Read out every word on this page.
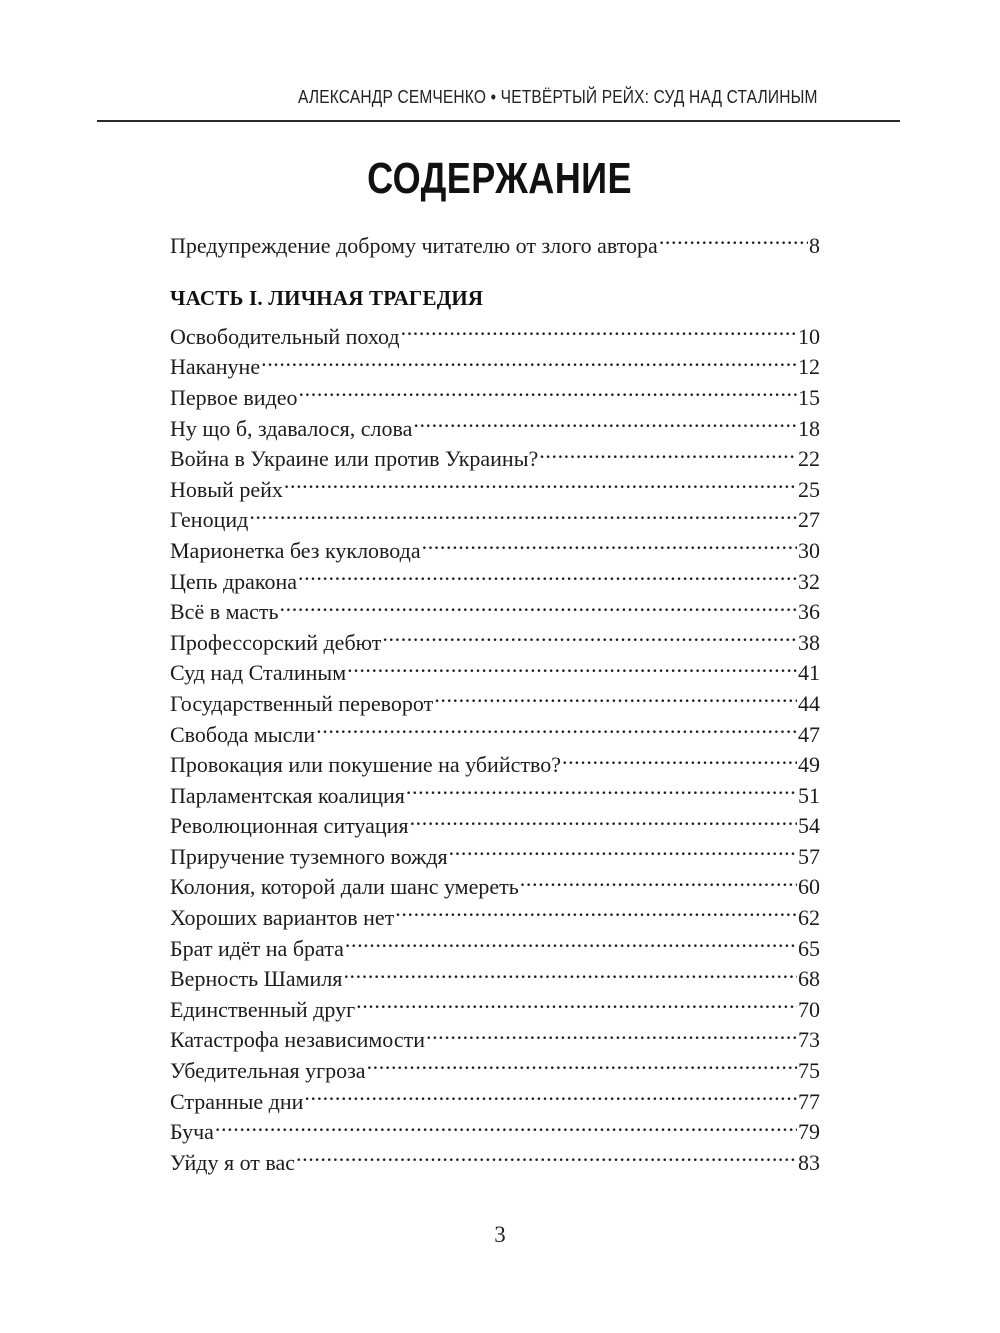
АЛЕКСАНДР СЕМЧЕНКО • ЧЕТВЁРТЫЙ РЕЙХ: СУД НАД СТАЛИНЫМ
СОДЕРЖАНИЕ
Предупреждение доброму читателю от злого автора .....	8
ЧАСТЬ I. ЛИЧНАЯ ТРАГЕДИЯ
Освободительный поход .....	10
Накануне .....	12
Первое видео .....	15
Ну що б, здавалося, слова .....	18
Война в Украине или против Украины? .....	22
Новый рейх .....	25
Геноцид .....	27
Марионетка без кукловода .....	30
Цепь дракона .....	32
Всё в масть .....	36
Профессорский дебют .....	38
Суд над Сталиным .....	41
Государственный переворот .....	44
Свобода мысли .....	47
Провокация или покушение на убийство? .....	49
Парламентская коалиция .....	51
Революционная ситуация .....	54
Приручение туземного вождя .....	57
Колония, которой дали шанс умереть .....	60
Хороших вариантов нет .....	62
Брат идёт на брата .....	65
Верность Шамиля .....	68
Единственный друг .....	70
Катастрофа независимости .....	73
Убедительная угроза .....	75
Странные дни .....	77
Буча .....	79
Уйду я от вас .....	83
3
